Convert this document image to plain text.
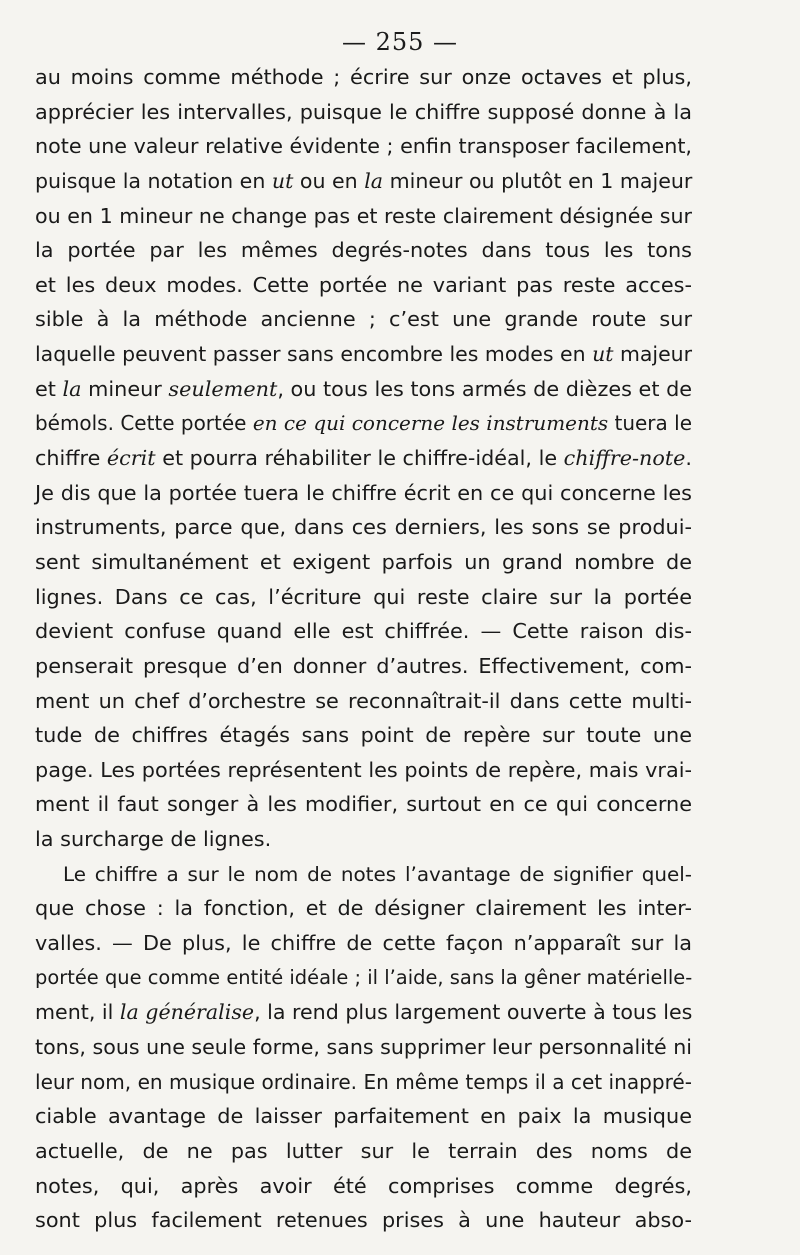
— 255 —
au moins comme méthode ; écrire sur onze octaves et plus,
apprécier les intervalles, puisque le chiffre supposé donne à la
note une valeur relative évidente ; enfin transposer facilement,
puisque la notation en ut ou en la mineur ou plutôt en 1 majeur
ou en 1 mineur ne change pas et reste clairement désignée sur
la portée par les mêmes degrés-notes dans tous les tons
et les deux modes. Cette portée ne variant pas reste acces-
sible à la méthode ancienne ; c’est une grande route sur
laquelle peuvent passer sans encombre les modes en ut majeur
et la mineur seulement, ou tous les tons armés de dièzes et de
bémols. Cette portée en ce qui concerne les instruments tuera le
chiffre écrit et pourra réhabiliter le chiffre-idéal, le chiffre-note.
Je dis que la portée tuera le chiffre écrit en ce qui concerne les
instruments, parce que, dans ces derniers, les sons se produi-
sent simultanément et exigent parfois un grand nombre de
lignes. Dans ce cas, l’écriture qui reste claire sur la portée
devient confuse quand elle est chiffrée. — Cette raison dis-
penserait presque d’en donner d’autres. Effectivement, com-
ment un chef d’orchestre se reconnaîtrait-il dans cette multi-
tude de chiffres étagés sans point de repère sur toute une
page. Les portées représentent les points de repère, mais vrai-
ment il faut songer à les modifier, surtout en ce qui concerne
la surcharge de lignes.
Le chiffre a sur le nom de notes l’avantage de signifier quel-
que chose : la fonction, et de désigner clairement les inter-
valles. — De plus, le chiffre de cette façon n’apparaît sur la
portée que comme entité idéale ; il l’aide, sans la gêner matérielle-
ment, il la généralise, la rend plus largement ouverte à tous les
tons, sous une seule forme, sans supprimer leur personnalité ni
leur nom, en musique ordinaire. En même temps il a cet inappré-
ciable avantage de laisser parfaitement en paix la musique
actuelle, de ne pas lutter sur le terrain des noms de
notes, qui, après avoir été comprises comme degrés,
sont plus facilement retenues prises à une hauteur abso-
